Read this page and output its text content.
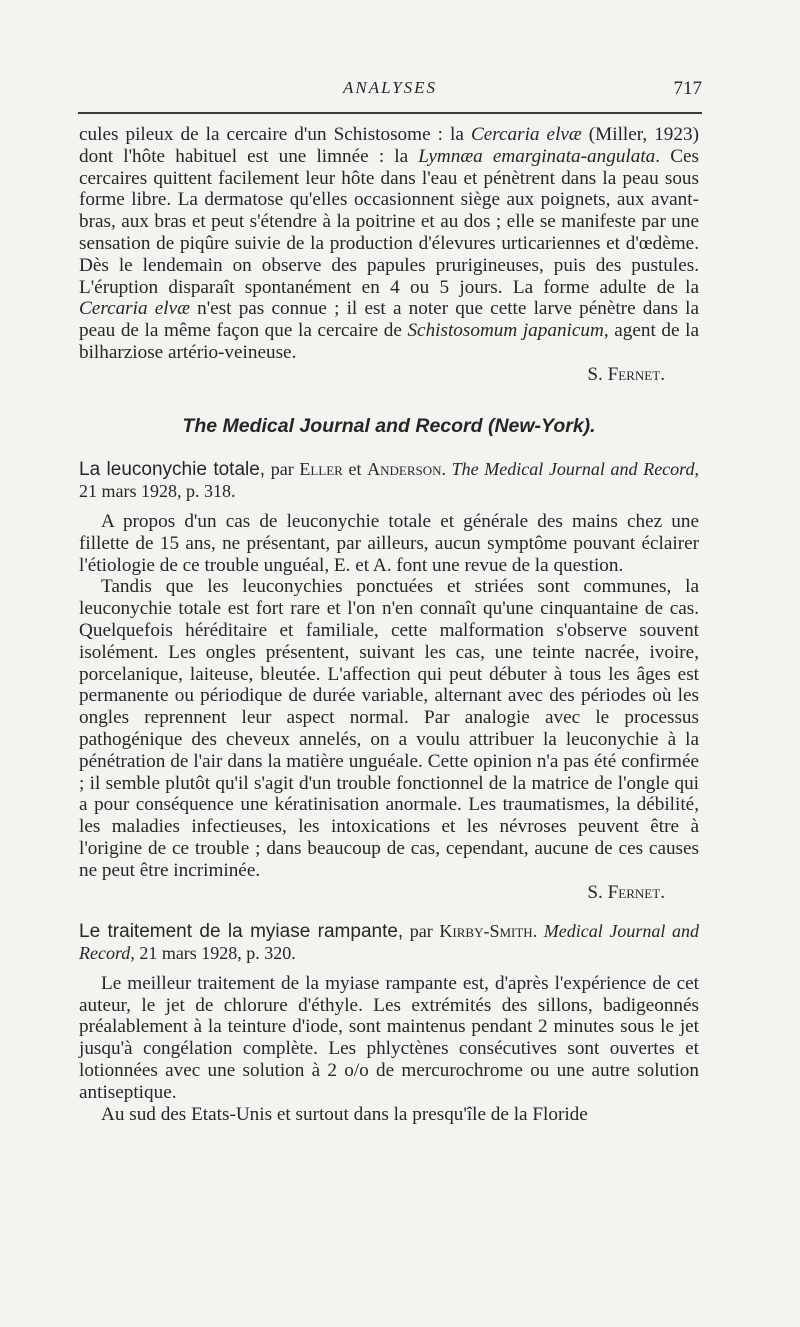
ANALYSES	717

cules pileux de la cercaire d'un Schistosome : la Cercaria elvæ (Miller, 1923) dont l'hôte habituel est une limnée : la Lymnæa emarginata-angulata. Ces cercaires quittent facilement leur hôte dans l'eau et pénètrent dans la peau sous forme libre. La dermatose qu'elles occasionnent siège aux poignets, aux avant-bras, aux bras et peut s'étendre à la poitrine et au dos ; elle se manifeste par une sensation de piqûre suivie de la production d'élevures urticariennes et d'œdème. Dès le lendemain on observe des papules prurigineuses, puis des pustules. L'éruption disparaît spontanément en 4 ou 5 jours. La forme adulte de la Cercaria elvæ n'est pas connue ; il est a noter que cette larve pénètre dans la peau de la même façon que la cercaire de Schistosomum japanicum, agent de la bilharziose artério-veineuse.

S. Fernet.

The Medical Journal and Record (New-York).

La leuconychie totale, par Eller et Anderson. The Medical Journal and Record, 21 mars 1928, p. 318.

A propos d'un cas de leuconychie totale et générale des mains chez une fillette de 15 ans, ne présentant, par ailleurs, aucun symptôme pouvant éclairer l'étiologie de ce trouble unguéal, E. et A. font une revue de la question.

Tandis que les leuconychies ponctuées et striées sont communes, la leuconychie totale est fort rare et l'on n'en connaît qu'une cinquantaine de cas. Quelquefois héréditaire et familiale, cette malformation s'observe souvent isolément. Les ongles présentent, suivant les cas, une teinte nacrée, ivoire, porcelanique, laiteuse, bleutée. L'affection qui peut débuter à tous les âges est permanente ou périodique de durée variable, alternant avec des périodes où les ongles reprennent leur aspect normal. Par analogie avec le processus pathogénique des cheveux annelés, on a voulu attribuer la leuconychie à la pénétration de l'air dans la matière unguéale. Cette opinion n'a pas été confirmée ; il semble plutôt qu'il s'agit d'un trouble fonctionnel de la matrice de l'ongle qui a pour conséquence une kératinisation anormale. Les traumatismes, la débilité, les maladies infectieuses, les intoxications et les névroses peuvent être à l'origine de ce trouble ; dans beaucoup de cas, cependant, aucune de ces causes ne peut être incriminée.

S. Fernet.

Le traitement de la myiase rampante, par Kirby-Smith. Medical Journal and Record, 21 mars 1928, p. 320.

Le meilleur traitement de la myiase rampante est, d'après l'expérience de cet auteur, le jet de chlorure d'éthyle. Les extrémités des sillons, badigeonnés préalablement à la teinture d'iode, sont maintenus pendant 2 minutes sous le jet jusqu'à congélation complète. Les phlyctènes consécutives sont ouvertes et lotionnées avec une solution à 2 o/o de mercurochrome ou une autre solution antiseptique.

Au sud des Etats-Unis et surtout dans la presqu'île de la Floride
